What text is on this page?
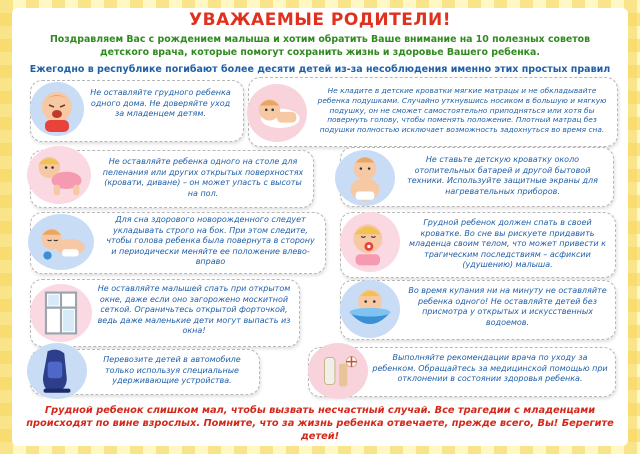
УВАЖАЕМЫЕ РОДИТЕЛИ!
Поздравляем Вас с рождением малыша и хотим обратить Ваше внимание на 10 полезных советов детского врача, которые помогут сохранить жизнь и здоровье Вашего ребенка.
Ежегодно в республике погибают более десяти детей из-за несоблюдения именно этих простых правил
Не оставляйте грудного ребенка одного дома. Не доверяйте уход за младенцем детям.
Не кладите в детские кроватки мягкие матрацы и не обкладывайте ребенка подушками. Случайно уткнувшись носиком в большую и мягкую подушку, он не сможет самостоятельно приподняться или хотя бы повернуть голову, чтобы поменять положение. Плотный матрац без подушки полностью исключает возможность задохнуться во время сна.
Не оставляйте ребенка одного на столе для пеленания или других открытых поверхностях (кровати, диване) – он может упасть с высоты на пол.
Не ставьте детскую кроватку около отопительных батарей и другой бытовой техники. Используйте защитные экраны для нагревательных приборов.
Для сна здорового новорожденного следует укладывать строго на бок. При этом следите, чтобы голова ребенка была повернута в сторону и периодически меняйте ее положение влево-вправо
Грудной ребенок должен спать в своей кроватке. Во сне вы рискуете придавить младенца своим телом, что может привести к трагическим последствиям – асфиксии (удушению) малыша.
Не оставляйте малышей спать при открытом окне, даже если оно загорожено москитной сеткой. Ограничьтесь открытой форточкой, ведь даже маленькие дети могут выпасть из окна!
Во время купания ни на минуту не оставляйте ребенка одного! Не оставляйте детей без присмотра у открытых и искусственных водоемов.
Перевозите детей в автомобиле только используя специальные удерживающие устройства.
Выполняйте рекомендации врача по уходу за ребенком. Обращайтесь за медицинской помощью при отклонении в состоянии здоровья ребенка.
Грудной ребенок слишком мал, чтобы вызвать несчастный случай. Все трагедии с младенцами происходят по вине взрослых. Помните, что за жизнь ребенка отвечаете, прежде всего, Вы! Берегите детей!
